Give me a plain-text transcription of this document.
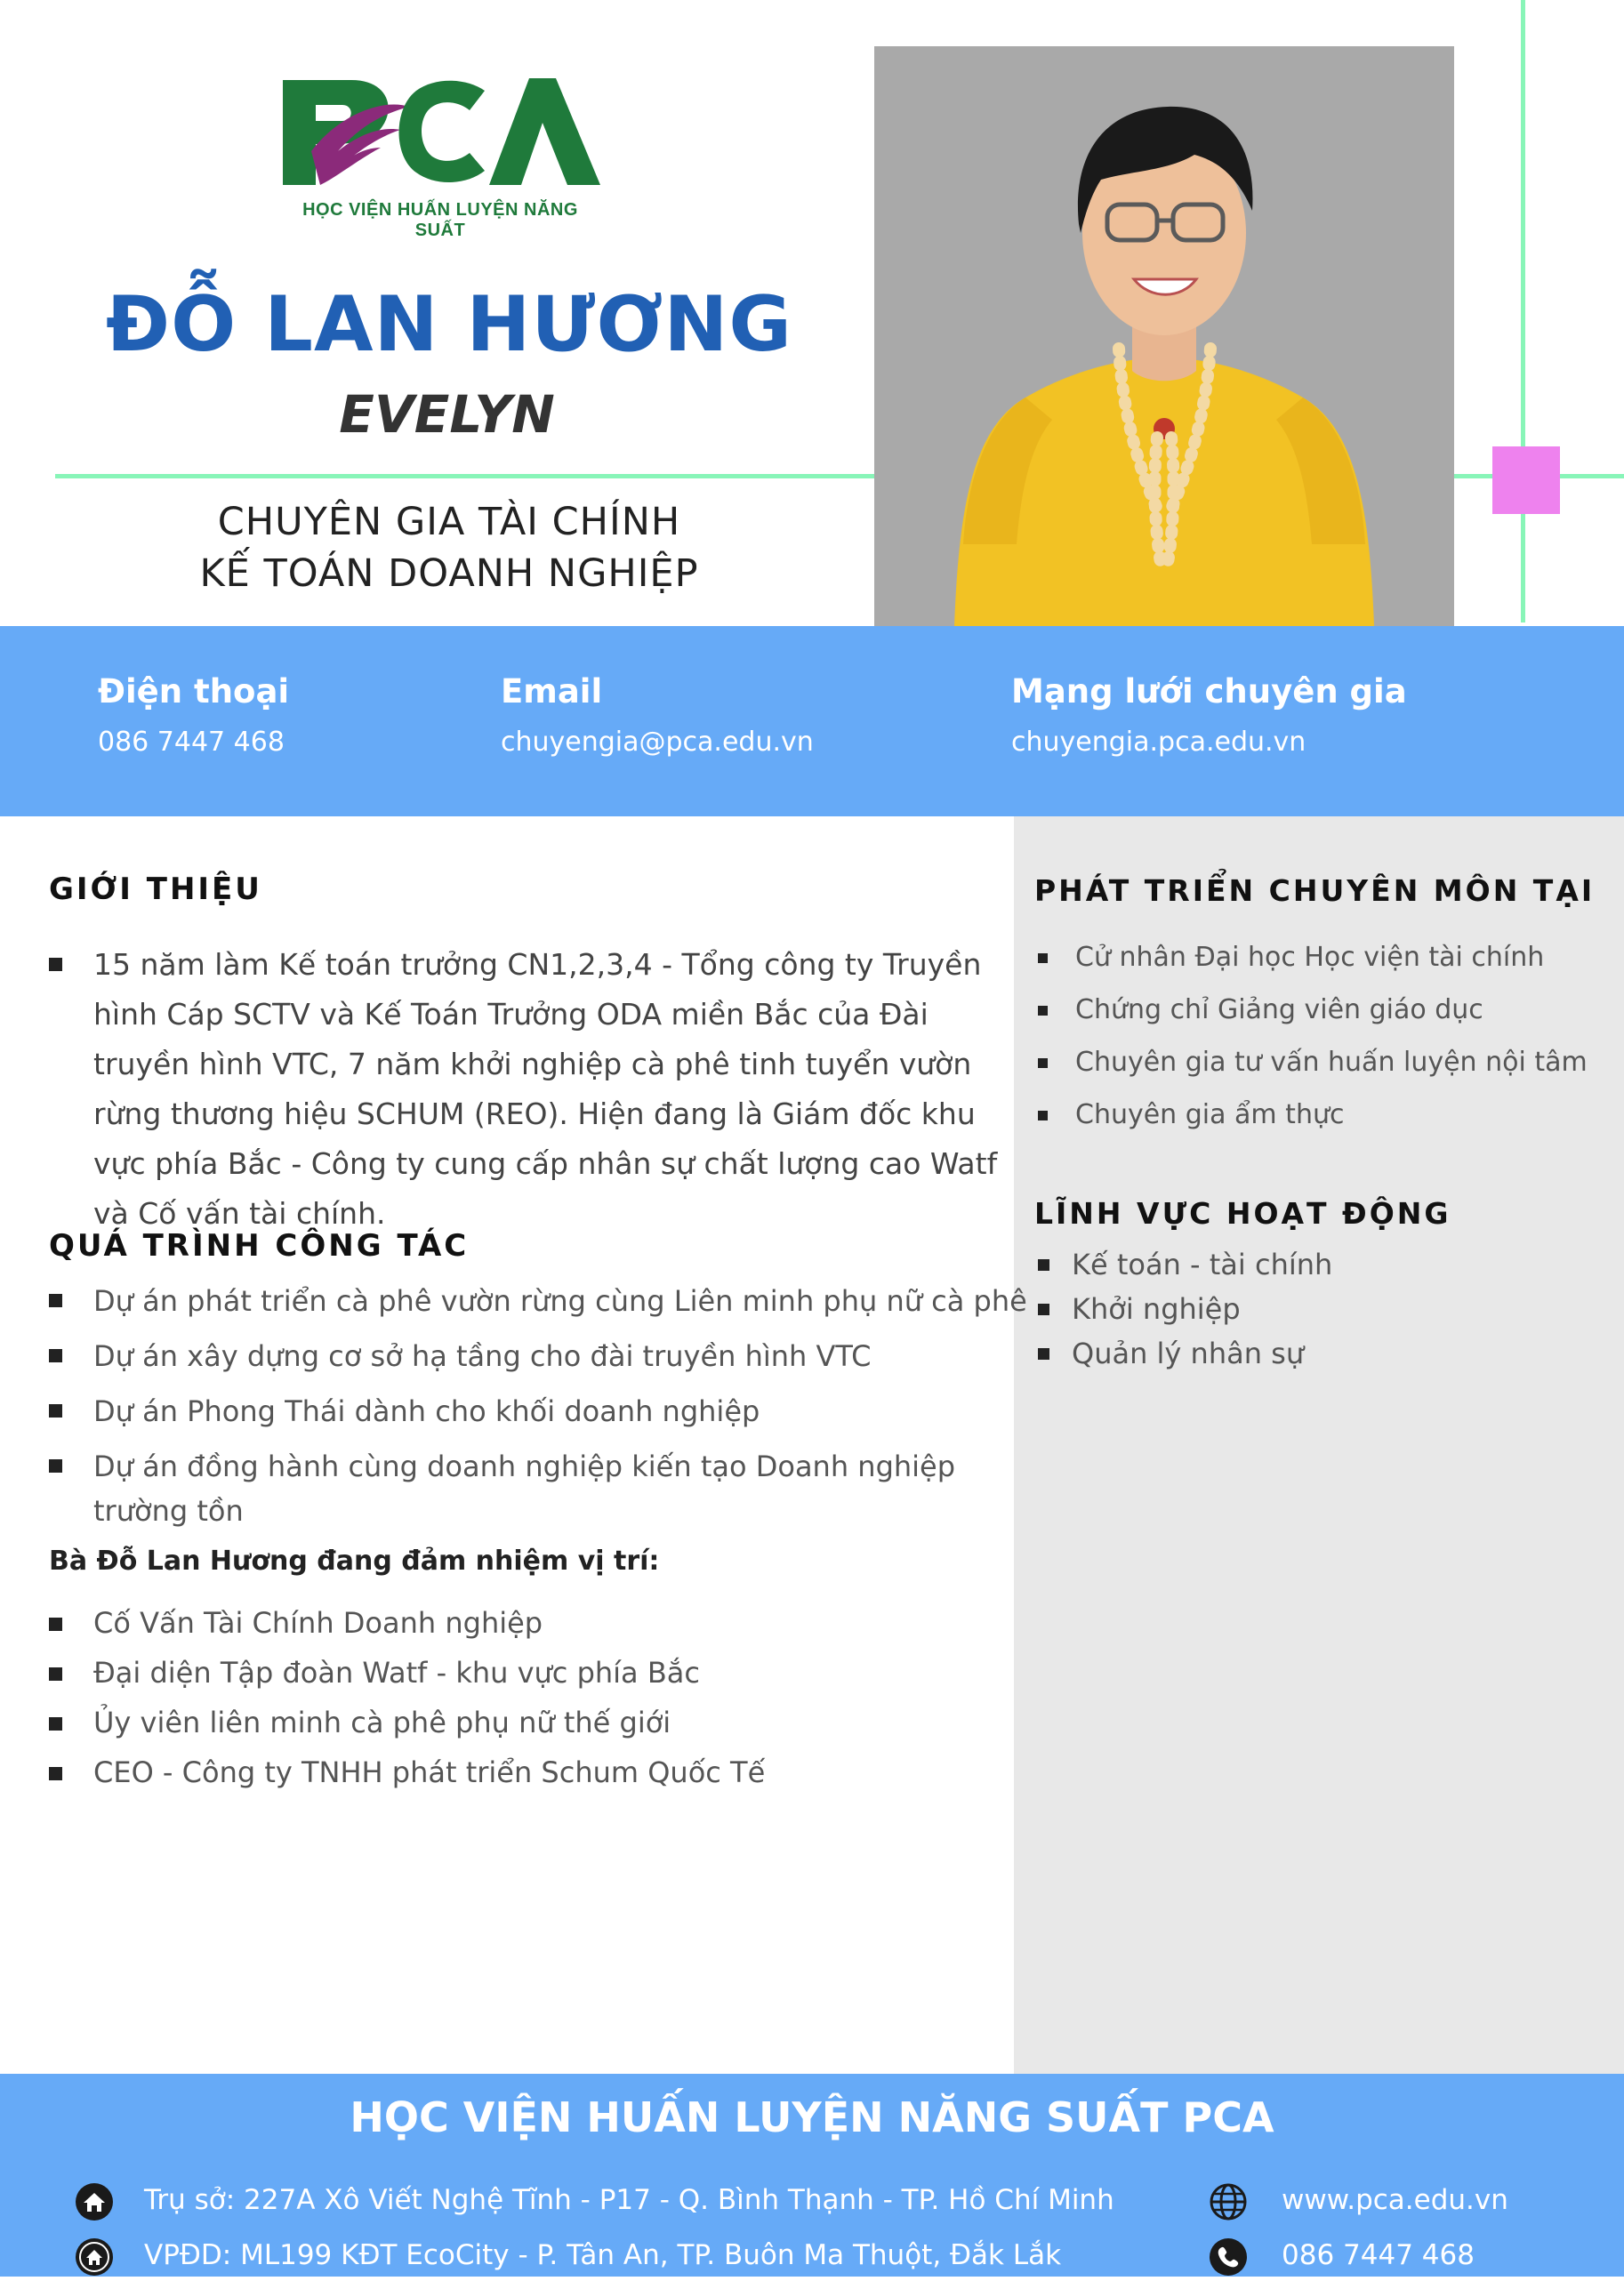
PCA
HỌC VIỆN HUẤN LUYỆN NĂNG SUẤT
ĐỖ LAN HƯƠNG
EVELYN
CHUYÊN GIA TÀI CHÍNH
KẾ TOÁN DOANH NGHIỆP
Điện thoại
086 7447 468
Email
chuyengia@pca.edu.vn
Mạng lưới chuyên gia
chuyengia.pca.edu.vn
GIỚI THIỆU
15 năm làm Kế toán trưởng CN1,2,3,4 - Tổng công ty Truyền hình Cáp SCTV và Kế Toán Trưởng ODA miền Bắc của Đài truyền hình VTC, 7 năm khởi nghiệp cà phê tinh tuyển vườn rừng thương hiệu SCHUM (REO). Hiện đang là Giám đốc khu vực phía Bắc - Công ty cung cấp nhân sự chất lượng cao Watf và Cố vấn tài chính.
QUÁ TRÌNH CÔNG TÁC
Dự án phát triển cà phê vườn rừng cùng Liên minh phụ nữ cà phê
Dự án xây dựng cơ sở hạ tầng cho đài truyền hình VTC
Dự án Phong Thái dành cho khối doanh nghiệp
Dự án đồng hành cùng doanh nghiệp kiến tạo Doanh nghiệp trường tồn
Bà Đỗ Lan Hương đang đảm nhiệm vị trí:
Cố Vấn Tài Chính Doanh nghiệp
Đại diện Tập đoàn Watf - khu vực phía Bắc
Ủy viên liên minh cà phê phụ nữ thế giới
CEO - Công ty TNHH phát triển Schum Quốc Tế
PHÁT TRIỂN CHUYÊN MÔN TẠI
Cử nhân Đại học Học viện tài chính
Chứng chỉ Giảng viên giáo dục
Chuyên gia tư vấn huấn luyện nội tâm
Chuyên gia ẩm thực
LĨNH VỰC HOẠT ĐỘNG
Kế toán - tài chính
Khởi nghiệp
Quản lý nhân sự
HỌC VIỆN HUẤN LUYỆN NĂNG SUẤT PCA
Trụ sở: 227A Xô Viết Nghệ Tĩnh - P17 - Q. Bình Thạnh - TP. Hồ Chí Minh
VPĐD: ML199 KĐT EcoCity - P. Tân An, TP. Buôn Ma Thuột, Đắk Lắk
www.pca.edu.vn
086 7447 468
